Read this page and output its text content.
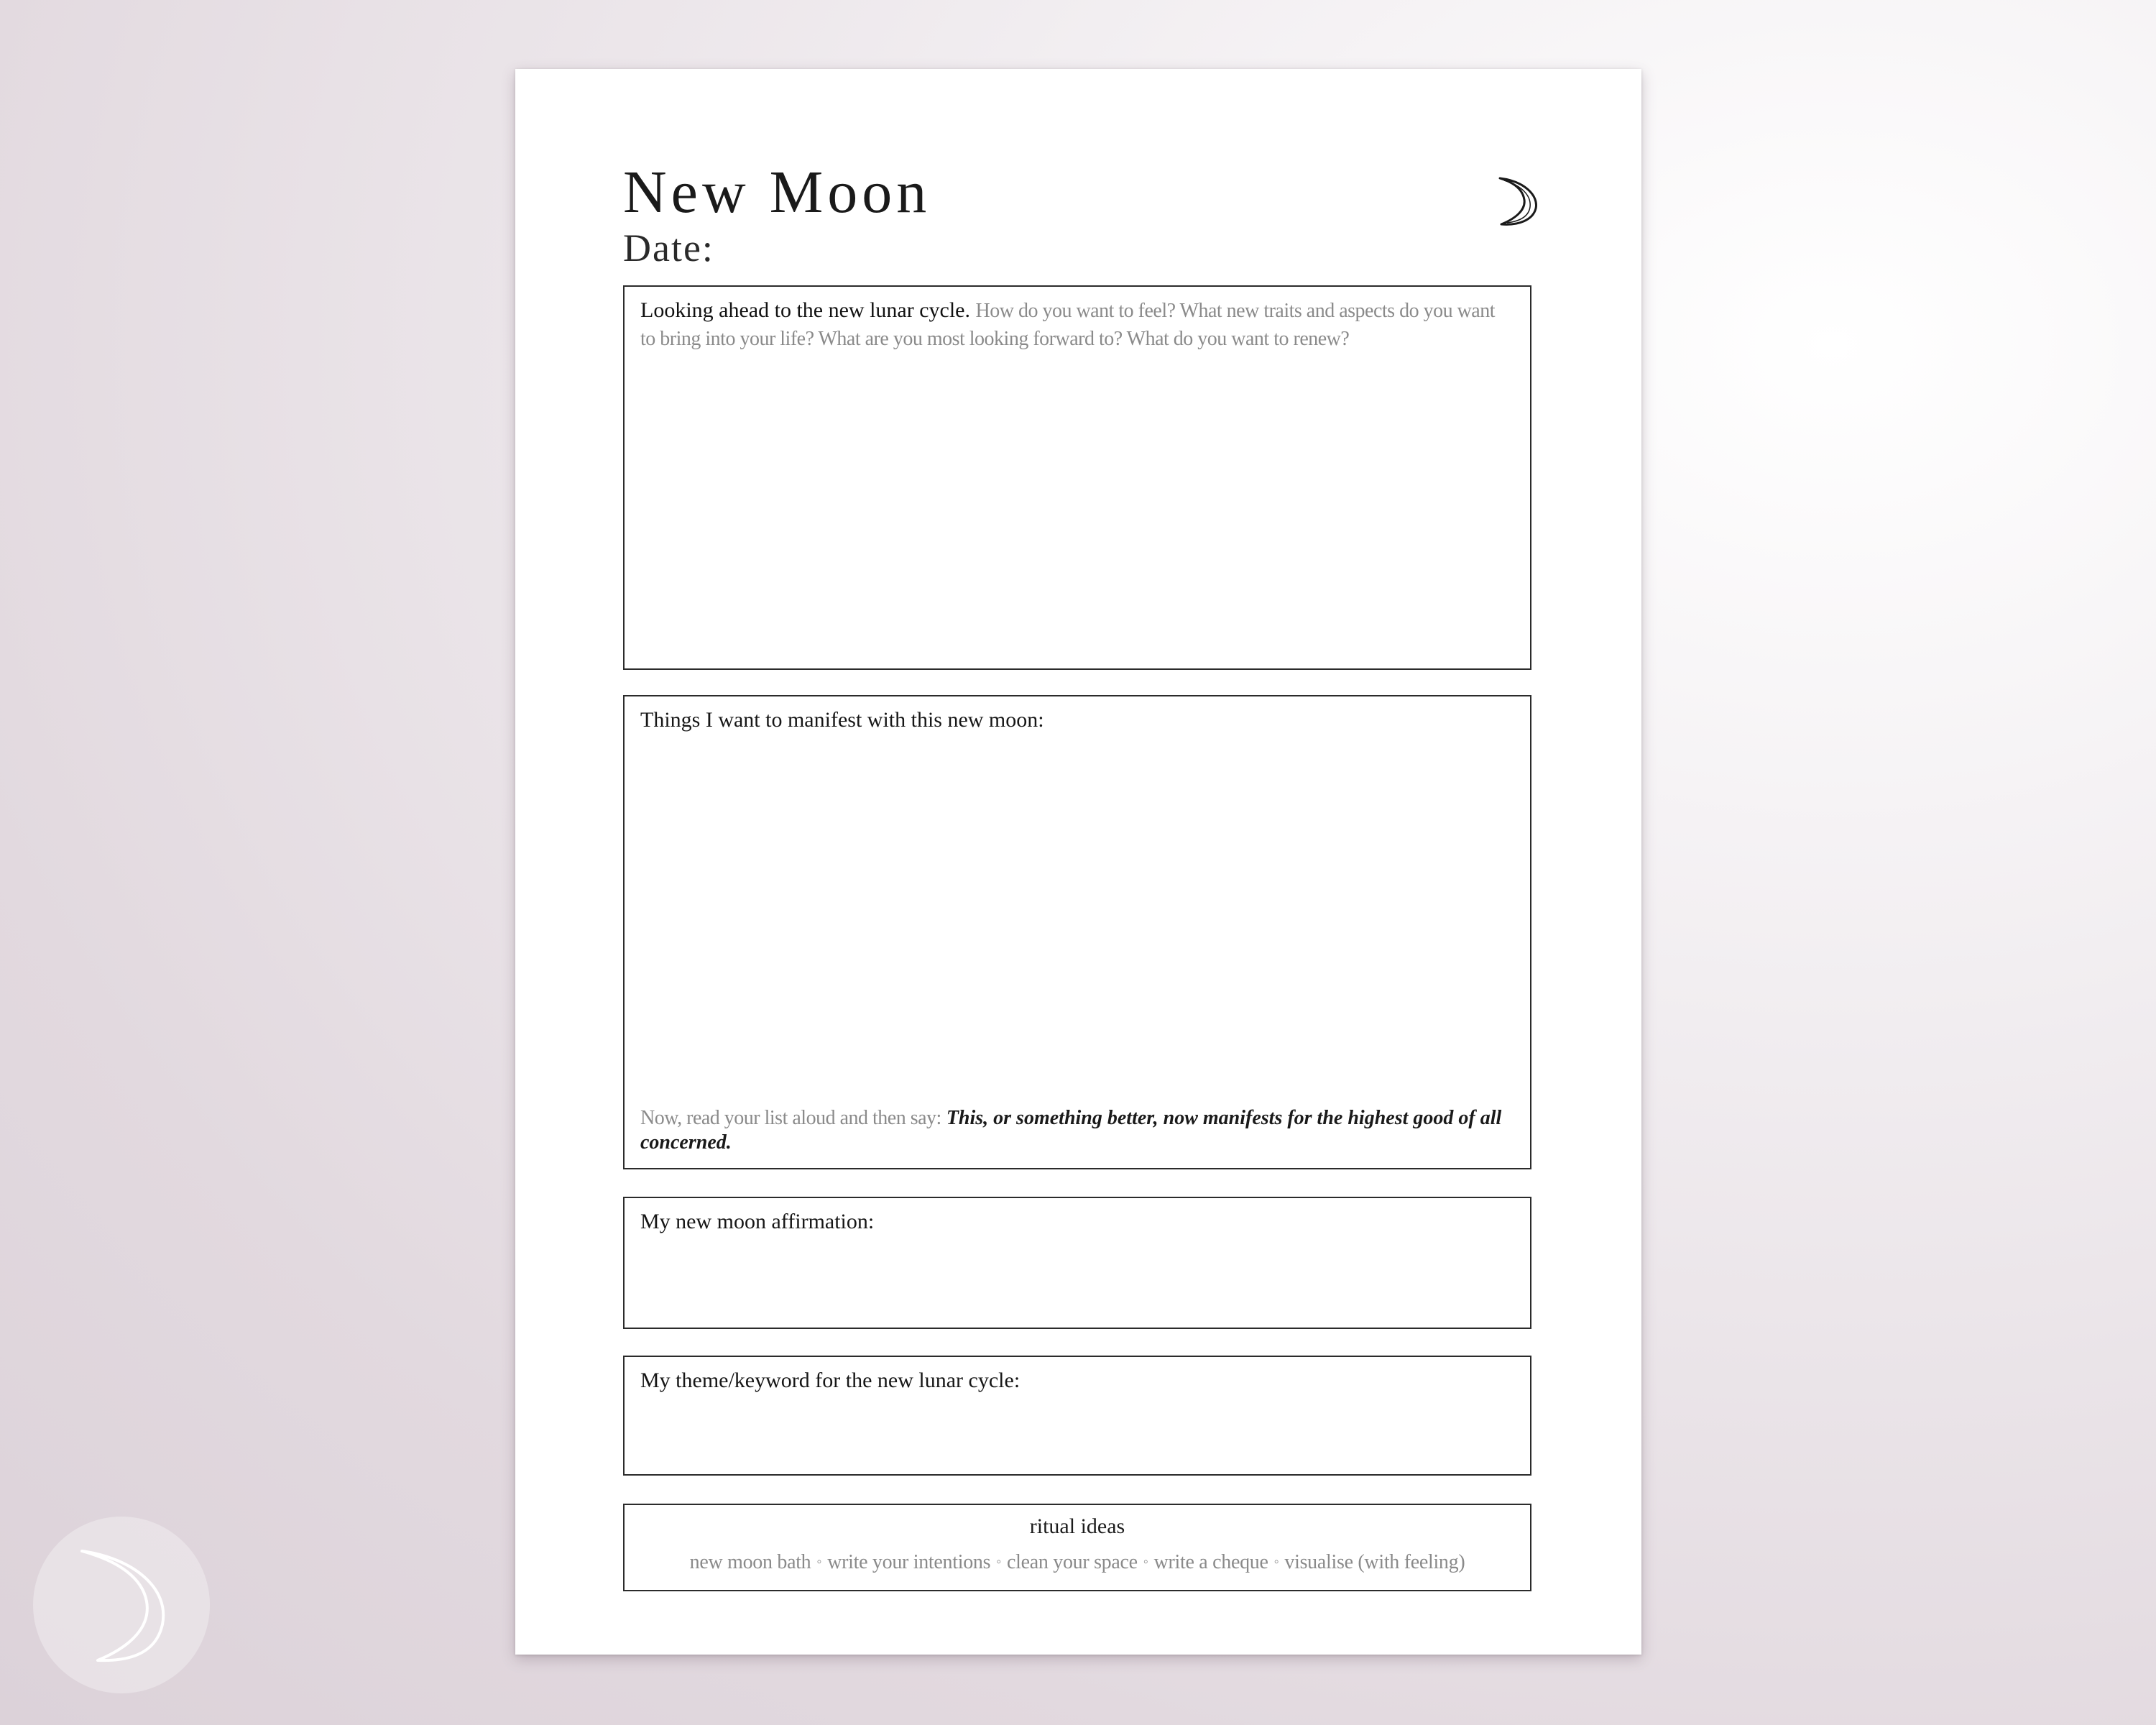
New Moon
Date:
Looking ahead to the new lunar cycle. How do you want to feel? What new traits and aspects do you want to bring into your life? What are you most looking forward to? What do you want to renew?
Things I want to manifest with this new moon:
Now, read your list aloud and then say: This, or something better, now manifests for the highest good of all concerned.
My new moon affirmation:
My theme/keyword for the new lunar cycle:
ritual ideas
new moon bath ◦ write your intentions ◦ clean your space ◦ write a cheque ◦ visualise (with feeling)
